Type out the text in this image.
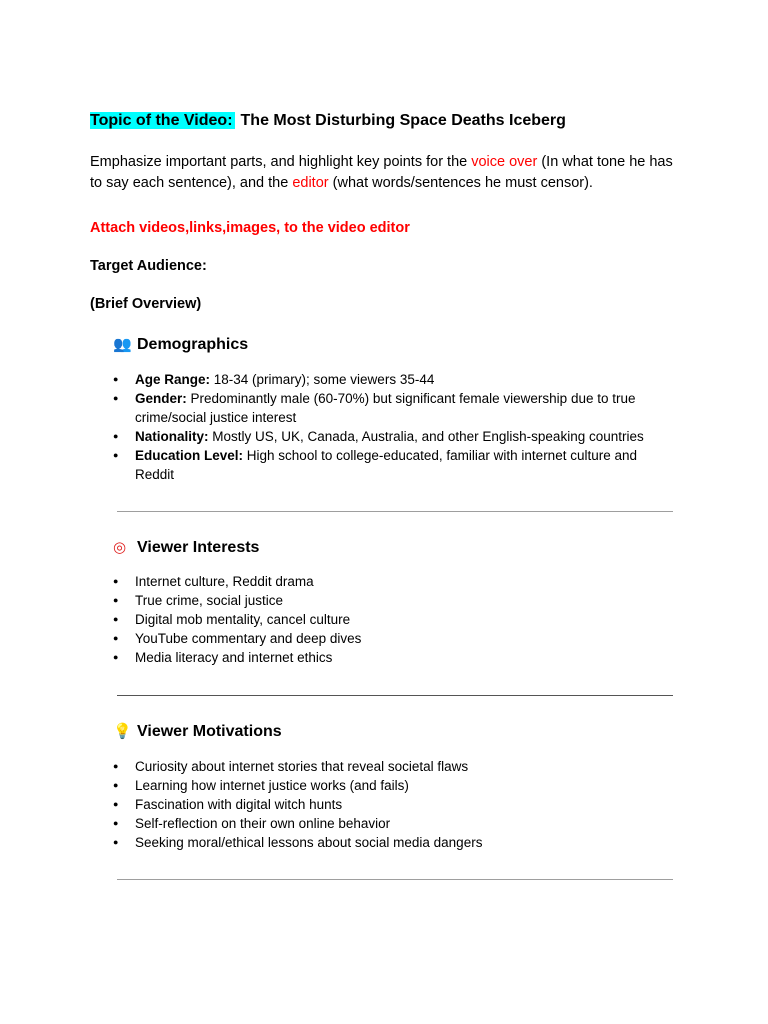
Topic of the Video: The Most Disturbing Space Deaths Iceberg
Emphasize important parts, and highlight key points for the voice over (In what tone he has to say each sentence), and the editor (what words/sentences he must censor).
Attach videos,links,images, to the video editor
Target Audience:
(Brief Overview)
👥 Demographics
● Age Range: 18-34 (primary); some viewers 35-44
● Gender: Predominantly male (60-70%) but significant female viewership due to true crime/social justice interest
● Nationality: Mostly US, UK, Canada, Australia, and other English-speaking countries
● Education Level: High school to college-educated, familiar with internet culture and Reddit
◎ Viewer Interests
● Internet culture, Reddit drama
● True crime, social justice
● Digital mob mentality, cancel culture
● YouTube commentary and deep dives
● Media literacy and internet ethics
💡 Viewer Motivations
● Curiosity about internet stories that reveal societal flaws
● Learning how internet justice works (and fails)
● Fascination with digital witch hunts
● Self-reflection on their own online behavior
● Seeking moral/ethical lessons about social media dangers
